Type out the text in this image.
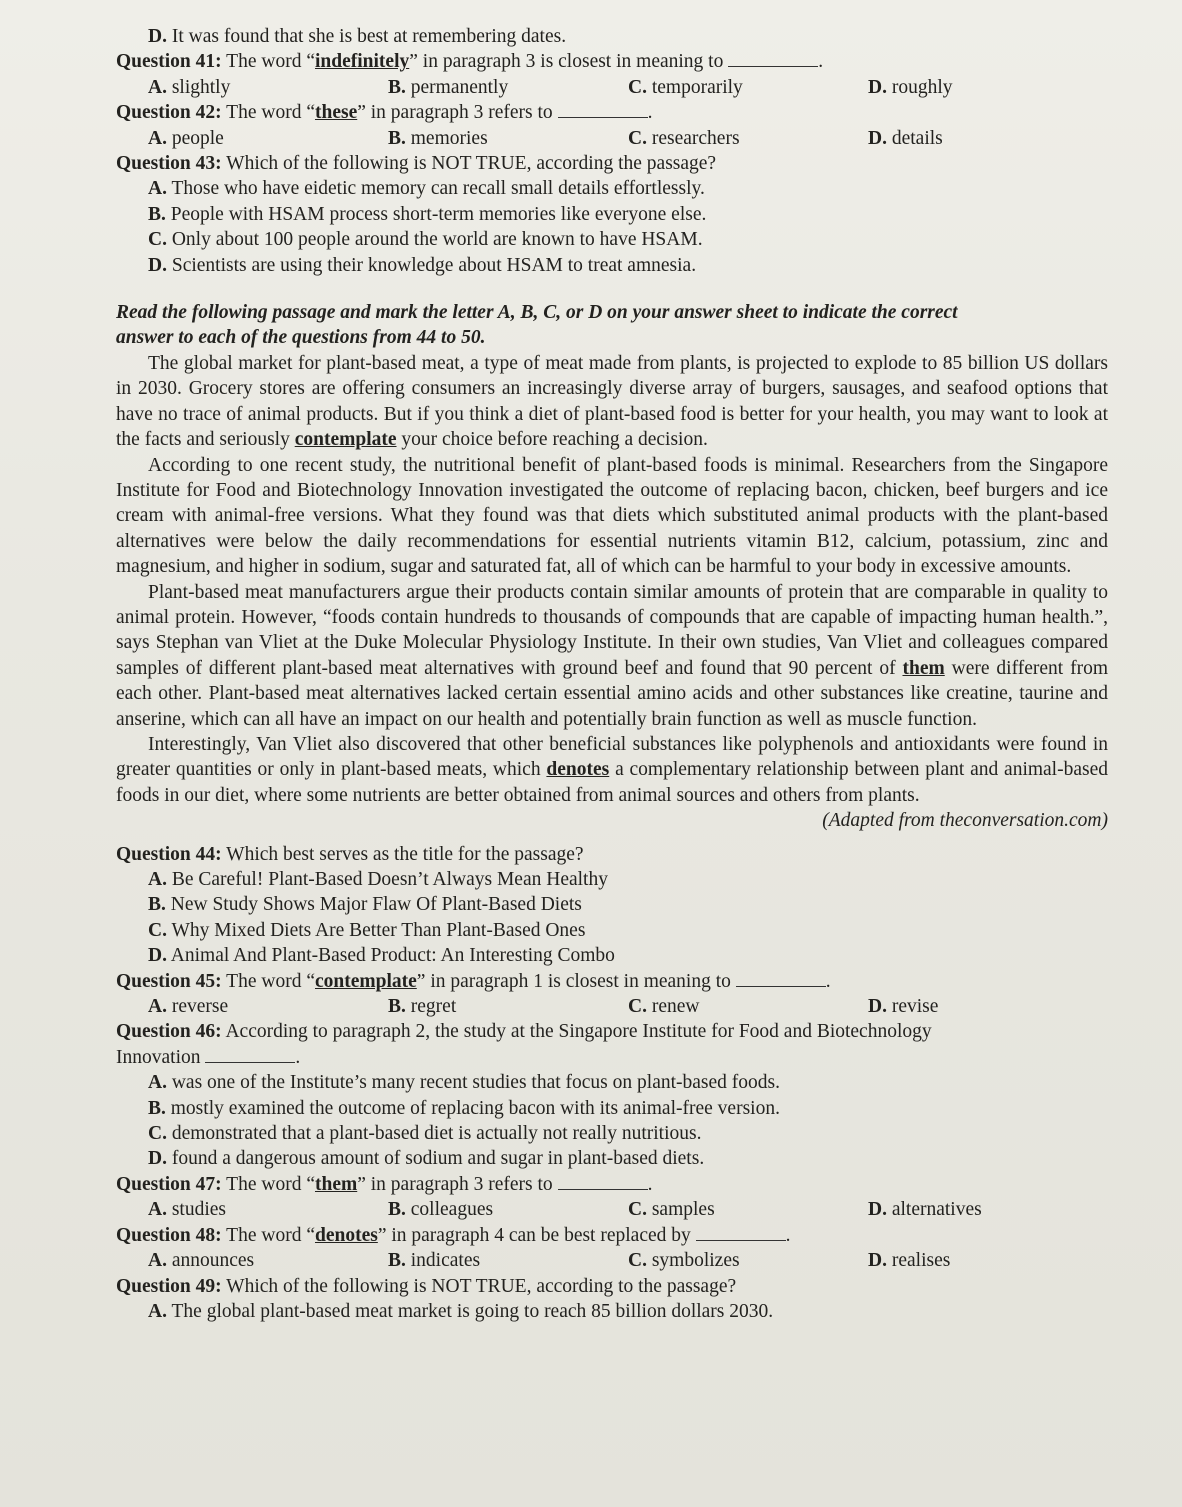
D. It was found that she is best at remembering dates.
Question 41: The word “indefinitely” in paragraph 3 is closest in meaning to	.
A. slightly	B. permanently	C. temporarily	D. roughly
Question 42: The word “these” in paragraph 3 refers to	.
A. people	B. memories	C. researchers	D. details
Question 43: Which of the following is NOT TRUE, according the passage?
A. Those who have eidetic memory can recall small details effortlessly.
B. People with HSAM process short-term memories like everyone else.
C. Only about 100 people around the world are known to have HSAM.
D. Scientists are using their knowledge about HSAM to treat amnesia.
Read the following passage and mark the letter A, B, C, or D on your answer sheet to indicate the correct
answer to each of the questions from 44 to 50.
The global market for plant-based meat, a type of meat made from plants, is projected to explode to 85 billion US dollars in 2030. Grocery stores are offering consumers an increasingly diverse array of burgers, sausages, and seafood options that have no trace of animal products. But if you think a diet of plant-based food is better for your health, you may want to look at the facts and seriously contemplate your choice before reaching a decision.
According to one recent study, the nutritional benefit of plant-based foods is minimal. Researchers from the Singapore Institute for Food and Biotechnology Innovation investigated the outcome of replacing bacon, chicken, beef burgers and ice cream with animal-free versions. What they found was that diets which substituted animal products with the plant-based alternatives were below the daily recommendations for essential nutrients vitamin B12, calcium, potassium, zinc and magnesium, and higher in sodium, sugar and saturated fat, all of which can be harmful to your body in excessive amounts.
Plant-based meat manufacturers argue their products contain similar amounts of protein that are comparable in quality to animal protein. However, “foods contain hundreds to thousands of compounds that are capable of impacting human health.”, says Stephan van Vliet at the Duke Molecular Physiology Institute. In their own studies, Van Vliet and colleagues compared samples of different plant-based meat alternatives with ground beef and found that 90 percent of them were different from each other. Plant-based meat alternatives lacked certain essential amino acids and other substances like creatine, taurine and anserine, which can all have an impact on our health and potentially brain function as well as muscle function.
Interestingly, Van Vliet also discovered that other beneficial substances like polyphenols and antioxidants were found in greater quantities or only in plant-based meats, which denotes a complementary relationship between plant and animal-based foods in our diet, where some nutrients are better obtained from animal sources and others from plants.
(Adapted from theconversation.com)
Question 44: Which best serves as the title for the passage?
A. Be Careful! Plant-Based Doesn’t Always Mean Healthy
B. New Study Shows Major Flaw Of Plant-Based Diets
C. Why Mixed Diets Are Better Than Plant-Based Ones
D. Animal And Plant-Based Product: An Interesting Combo
Question 45: The word “contemplate” in paragraph 1 is closest in meaning to	.
A. reverse	B. regret	C. renew	D. revise
Question 46: According to paragraph 2, the study at the Singapore Institute for Food and Biotechnology
Innovation	.
A. was one of the Institute’s many recent studies that focus on plant-based foods.
B. mostly examined the outcome of replacing bacon with its animal-free version.
C. demonstrated that a plant-based diet is actually not really nutritious.
D. found a dangerous amount of sodium and sugar in plant-based diets.
Question 47: The word “them” in paragraph 3 refers to	.
A. studies	B. colleagues	C. samples	D. alternatives
Question 48: The word “denotes” in paragraph 4 can be best replaced by	.
A. announces	B. indicates	C. symbolizes	D. realises
Question 49: Which of the following is NOT TRUE, according to the passage?
A. The global plant-based meat market is going to reach 85 billion dollars 2030.
